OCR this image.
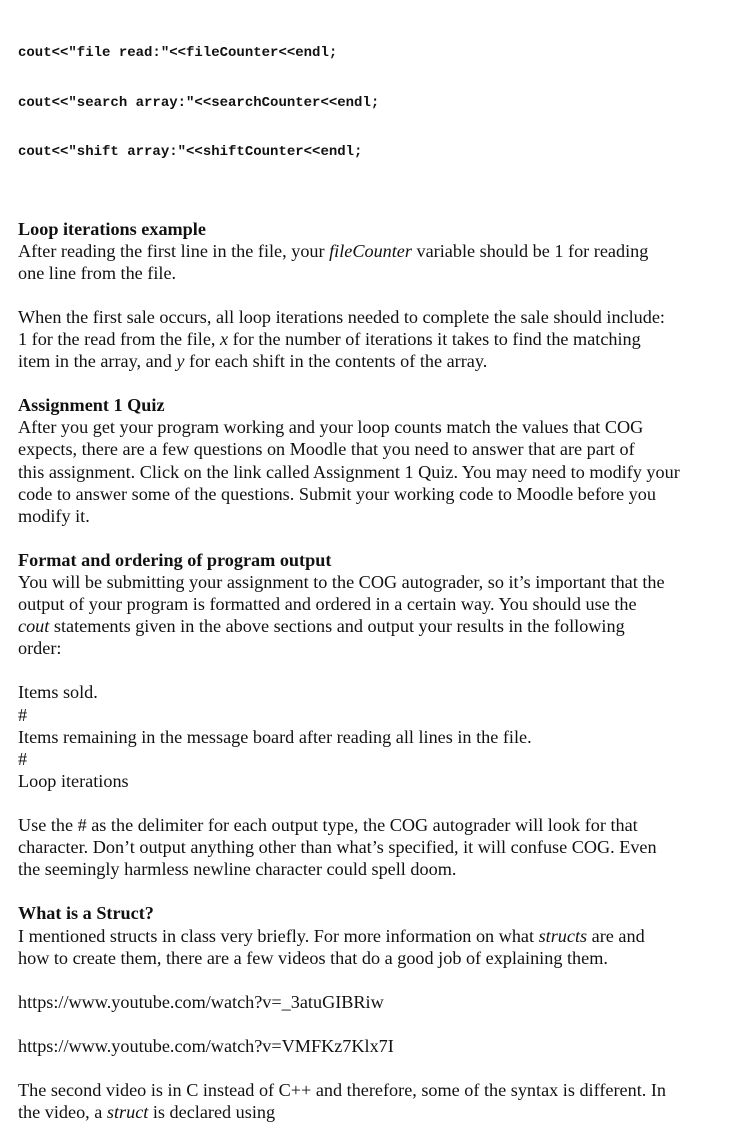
cout<<"file read:"<<fileCounter<<endl;

cout<<"search array:"<<searchCounter<<endl;

cout<<"shift array:"<<shiftCounter<<endl;

Loop iterations example
After reading the first line in the file, your fileCounter variable should be 1 for reading
one line from the file.
When the first sale occurs, all loop iterations needed to complete the sale should include:
1 for the read from the file, x for the number of iterations it takes to find the matching
item in the array, and y for each shift in the contents of the array.
Assignment 1 Quiz
After you get your program working and your loop counts match the values that COG
expects, there are a few questions on Moodle that you need to answer that are part of
this assignment. Click on the link called Assignment 1 Quiz. You may need to modify your
code to answer some of the questions. Submit your working code to Moodle before you
modify it.
Format and ordering of program output
You will be submitting your assignment to the COG autograder, so it’s important that the
output of your program is formatted and ordered in a certain way. You should use the
cout statements given in the above sections and output your results in the following
order:
Items sold.
#
Items remaining in the message board after reading all lines in the file.
#
Loop iterations
Use the # as the delimiter for each output type, the COG autograder will look for that
character. Don’t output anything other than what’s specified, it will confuse COG. Even
the seemingly harmless newline character could spell doom.
What is a Struct?
I mentioned structs in class very briefly. For more information on what structs are and
how to create them, there are a few videos that do a good job of explaining them.
https://www.youtube.com/watch?v=_3atuGIBRiw
https://www.youtube.com/watch?v=VMFKz7Klx7I
The second video is in C instead of C++ and therefore, some of the syntax is different. In
the video, a struct is declared using
